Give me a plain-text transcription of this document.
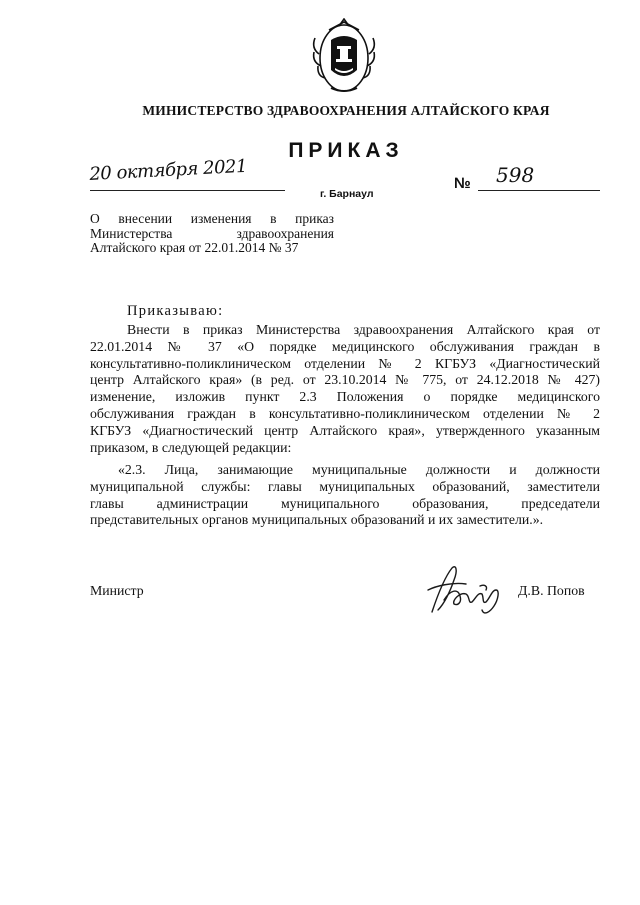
МИНИСТЕРСТВО ЗДРАВООХРАНЕНИЯ АЛТАЙСКОГО КРАЯ
ПРИКАЗ
20 октября 2021
г. Барнаул
№ 598
О внесении изменения в приказ
Министерства здравоохранения
Алтайского края от 22.01.2014 № 37
Приказываю:
Внести в приказ Министерства здравоохранения Алтайского края от
22.01.2014 № 37 «О порядке медицинского обслуживания граждан в
консультативно-поликлиническом отделении № 2 КГБУЗ «Диагностический
центр Алтайского края» (в ред. от 23.10.2014 № 775, от 24.12.2018 № 427)
изменение, изложив пункт 2.3 Положения о порядке медицинского
обслуживания граждан в консультативно-поликлиническом отделении № 2
КГБУЗ «Диагностический центр Алтайского края», утвержденного указанным
приказом, в следующей редакции:
«2.3. Лица, занимающие муниципальные должности и должности
муниципальной службы: главы муниципальных образований, заместители
главы администрации муниципального образования, председатели
представительных органов муниципальных образований и их заместители.».
Министр	Д.В. Попов
